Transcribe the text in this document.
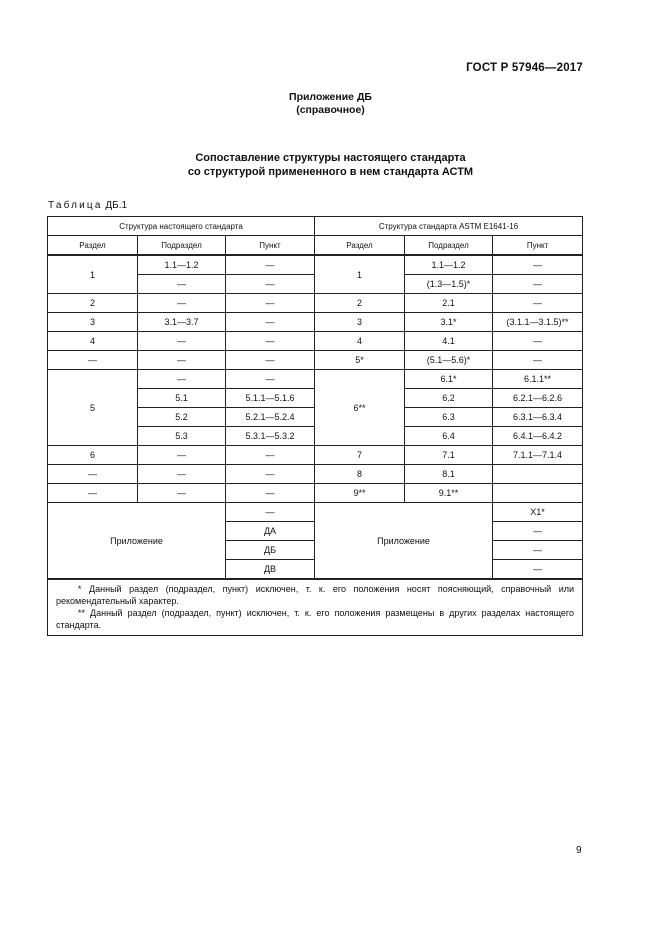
ГОСТ Р 57946—2017
Приложение ДБ
(справочное)
Сопоставление структуры настоящего стандарта
со структурой примененного в нем стандарта АСТМ
Таблица ДБ.1
Структура настоящего стандарта			Структура стандарта ASTM E1641-16		
Раздел	Подраздел	Пункт	Раздел	Подраздел	Пункт
1	1.1—1.2	—	1	1.1—1.2	—
	—	—		(1.3—1.5)*	—
2	—	—	2	2.1	—
3	3.1—3.7	—	3	3.1*	(3.1.1—3.1.5)**
4	—	—	4	4.1	—
—	—	—	5*	(5.1—5.6)*	—
5	—	—	6**	6.1*	6.1.1**
	5.1	5.1.1—5.1.6		6.2	6.2.1—6.2.6
	5.2	5.2.1—5.2.4		6.3	6.3.1—6.3.4
	5.3	5.3.1—5.3.2		6.4	6.4.1—6.4.2
6	—	—	7	7.1	7.1.1—7.1.4
—	—	—	8	8.1	
—	—	—	9**	9.1**	
Приложение		—	Приложение		X1*
		ДА			—
		ДБ			—
		ДВ			—

* Данный раздел (подраздел, пункт) исключен, т. к. его положения носят поясняющий, справочный или рекомендательный характер.
** Данный раздел (подраздел, пункт) исключен, т. к. его положения размещены в других разделах настоящего стандарта.					
9
